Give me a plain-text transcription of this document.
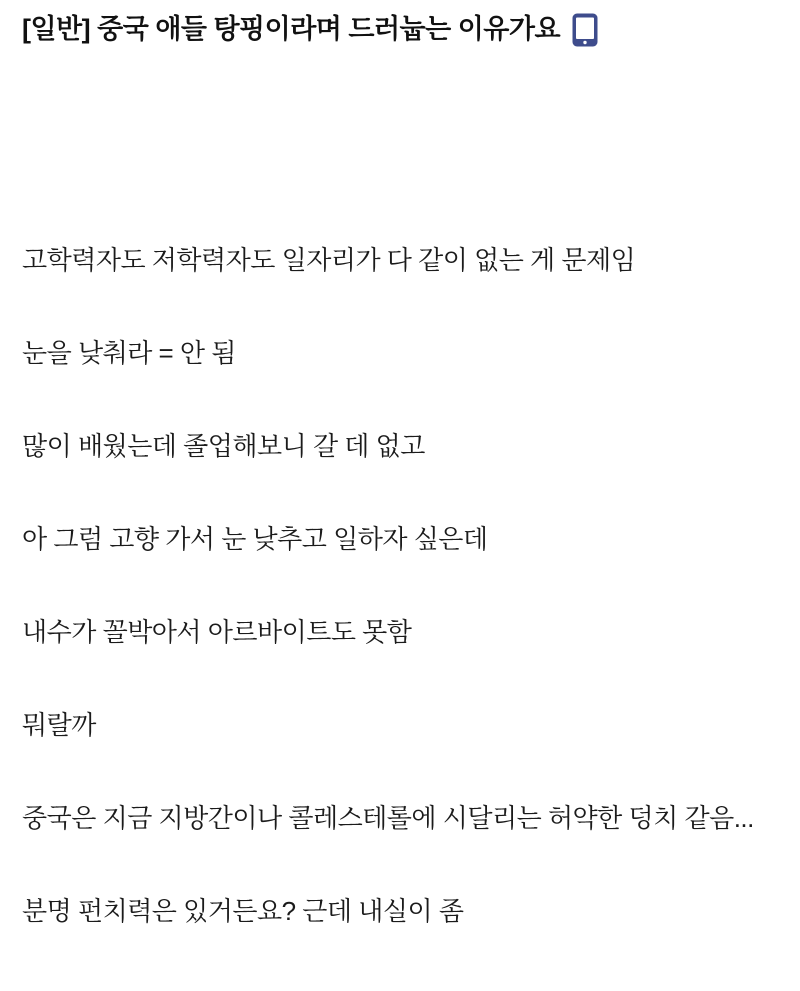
[일반] 중국 애들 탕핑이라며 드러눕는 이유가요

고학력자도 저학력자도 일자리가 다 같이 없는 게 문제임

눈을 낮춰라 = 안 됨

많이 배웠는데 졸업해보니 갈 데 없고

아 그럼 고향 가서 눈 낮추고 일하자 싶은데

내수가 꼴박아서 아르바이트도 못함

뭐랄까

중국은 지금 지방간이나 콜레스테롤에 시달리는 허약한 덩치 같음...

분명 펀치력은 있거든요? 근데 내실이 좀
